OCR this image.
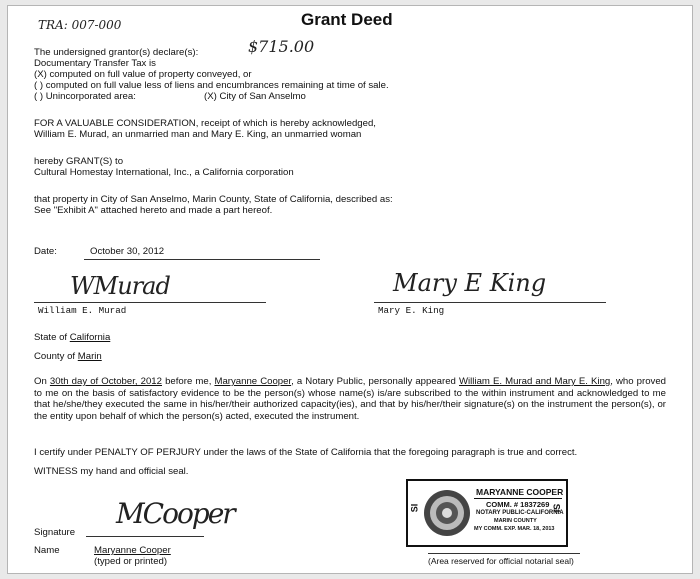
TRA: 007-000	Grant Deed
The undersigned grantor(s) declare(s):	$715.00
Documentary Transfer Tax is
(X) computed on full value of property conveyed, or
( ) computed on full value less of liens and encumbrances remaining at time of sale.
( ) Unincorporated area:	(X) City of San Anselmo
FOR A VALUABLE CONSIDERATION, receipt of which is hereby acknowledged,
William E. Murad, an unmarried man and Mary E. King, an unmarried woman
hereby GRANT(S) to
Cultural Homestay International, Inc., a California corporation
that property in City of San Anselmo, Marin County, State of California, described as:
See "Exhibit A" attached hereto and made a part hereof.
Date:	October 30, 2012
WMurad
William E. Murad
Mary E King
Mary E. King
State of California
County of Marin
On 30th day of October, 2012 before me, Maryanne Cooper, a Notary Public, personally appeared William E. Murad and Mary E. King, who proved to me on the basis of satisfactory evidence to be the person(s) whose name(s) is/are subscribed to the within instrument and acknowledged to me that he/she/they executed the same in his/her/their authorized capacity(ies), and that by his/her/their signature(s) on the instrument the person(s), or the entity upon behalf of which the person(s) acted, executed the instrument.
I certify under PENALTY OF PERJURY under the laws of the State of California that the foregoing paragraph is true and correct.
WITNESS my hand and official seal.
MCooper
Signature
Name	Maryanne Cooper
(typed or printed)
SI	SI
MARYANNE COOPER
COMM. # 1837269
NOTARY PUBLIC-CALIFORNIA
MARIN COUNTY
MY COMM. EXP. MAR. 18, 2013
(Area reserved for official notarial seal)
